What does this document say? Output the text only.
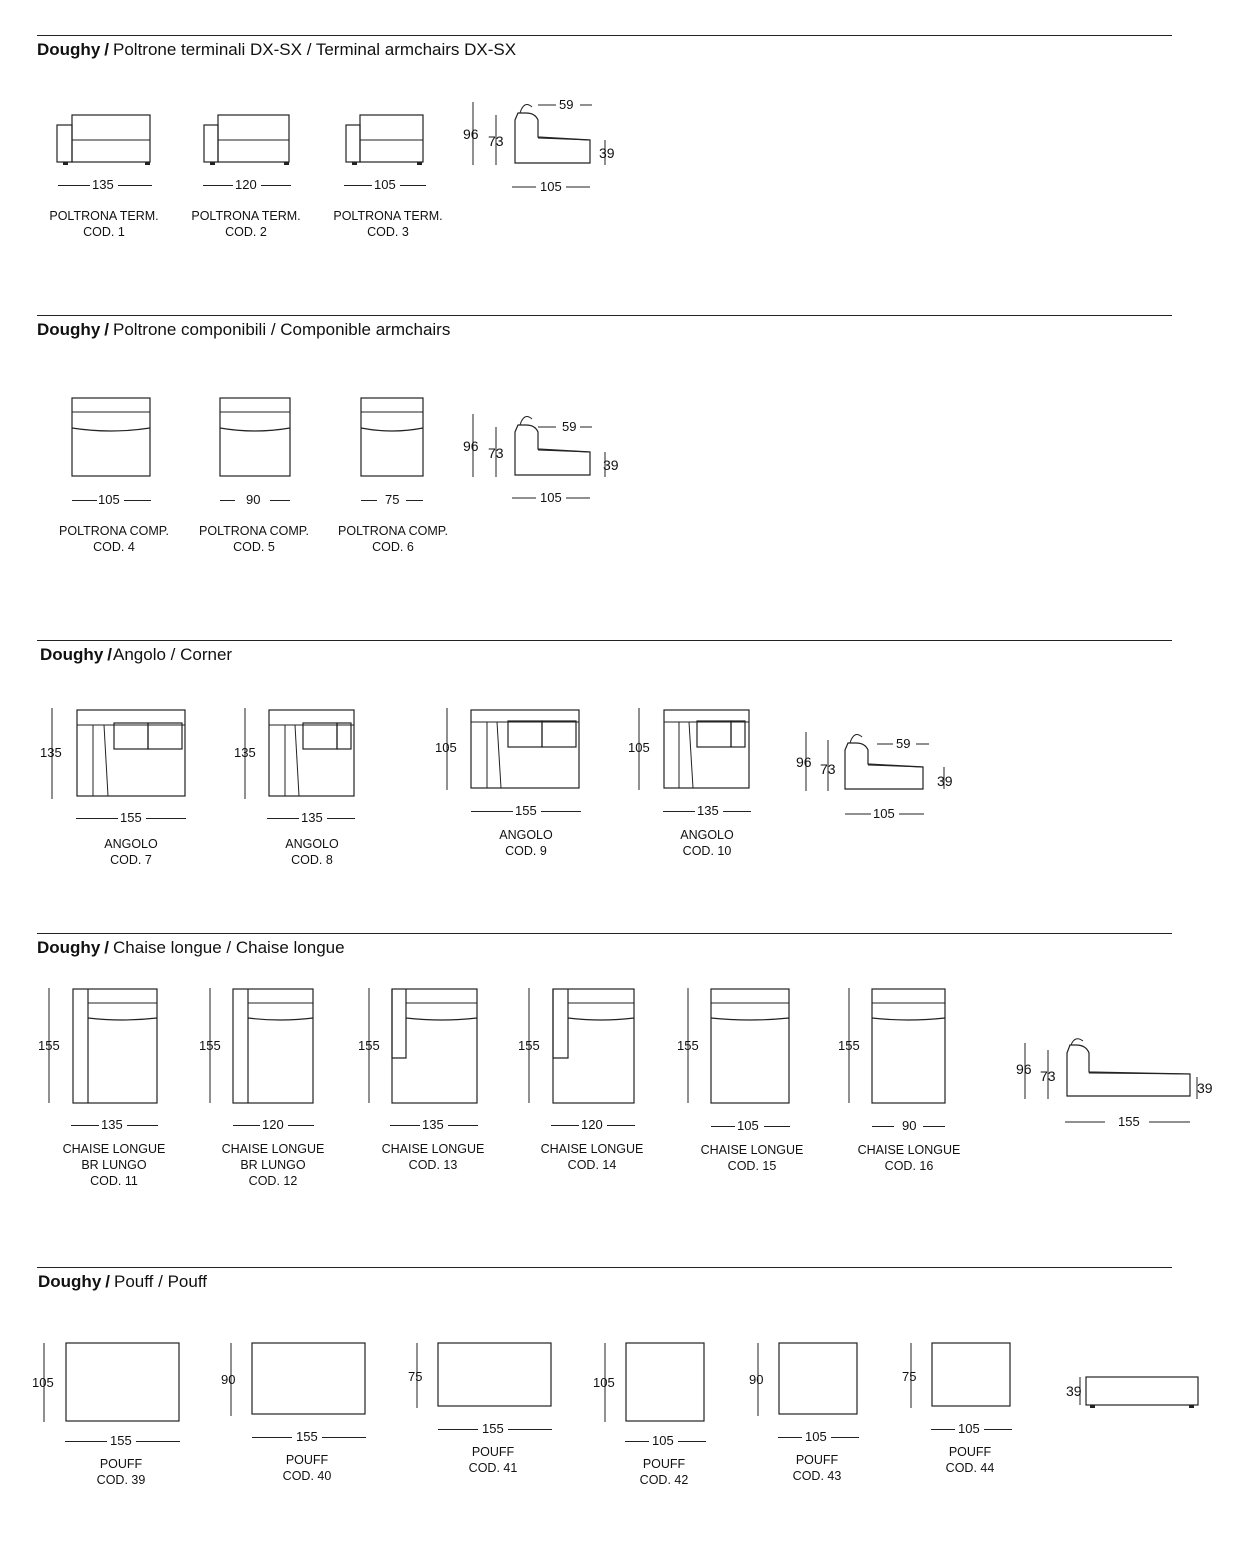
Doughy / Poltrone terminali DX-SX / Terminal armchairs DX-SX
135
POLTRONA TERM.
COD. 1
120
POLTRONA TERM.
COD. 2
105
POLTRONA TERM.
COD. 3
96 73
59
39
105
Doughy / Poltrone componibili / Componible armchairs
105
POLTRONA COMP.
COD. 4
90
POLTRONA COMP.
COD. 5
75
POLTRONA COMP.
COD. 6
96 73
59
39
105
Doughy /Angolo / Corner
135
155
ANGOLO
COD. 7
135
135
ANGOLO
COD. 8
105
155
ANGOLO
COD. 9
105
135
ANGOLO
COD. 10
96 73
59
39
105
Doughy / Chaise longue / Chaise longue
155
135
CHAISE LONGUE
BR LUNGO
COD. 11
155
120
CHAISE LONGUE
BR LUNGO
COD. 12
155
135
CHAISE LONGUE
COD. 13
155
120
CHAISE LONGUE
COD. 14
155
105
CHAISE LONGUE
COD. 15
155
90
CHAISE LONGUE
COD. 16
96 73
39
155
Doughy / Pouff / Pouff
105
155
POUFF
COD. 39
90
155
POUFF
COD. 40
75
155
POUFF
COD. 41
105
105
POUFF
COD. 42
90
105
POUFF
COD. 43
75
105
POUFF
COD. 44
39
